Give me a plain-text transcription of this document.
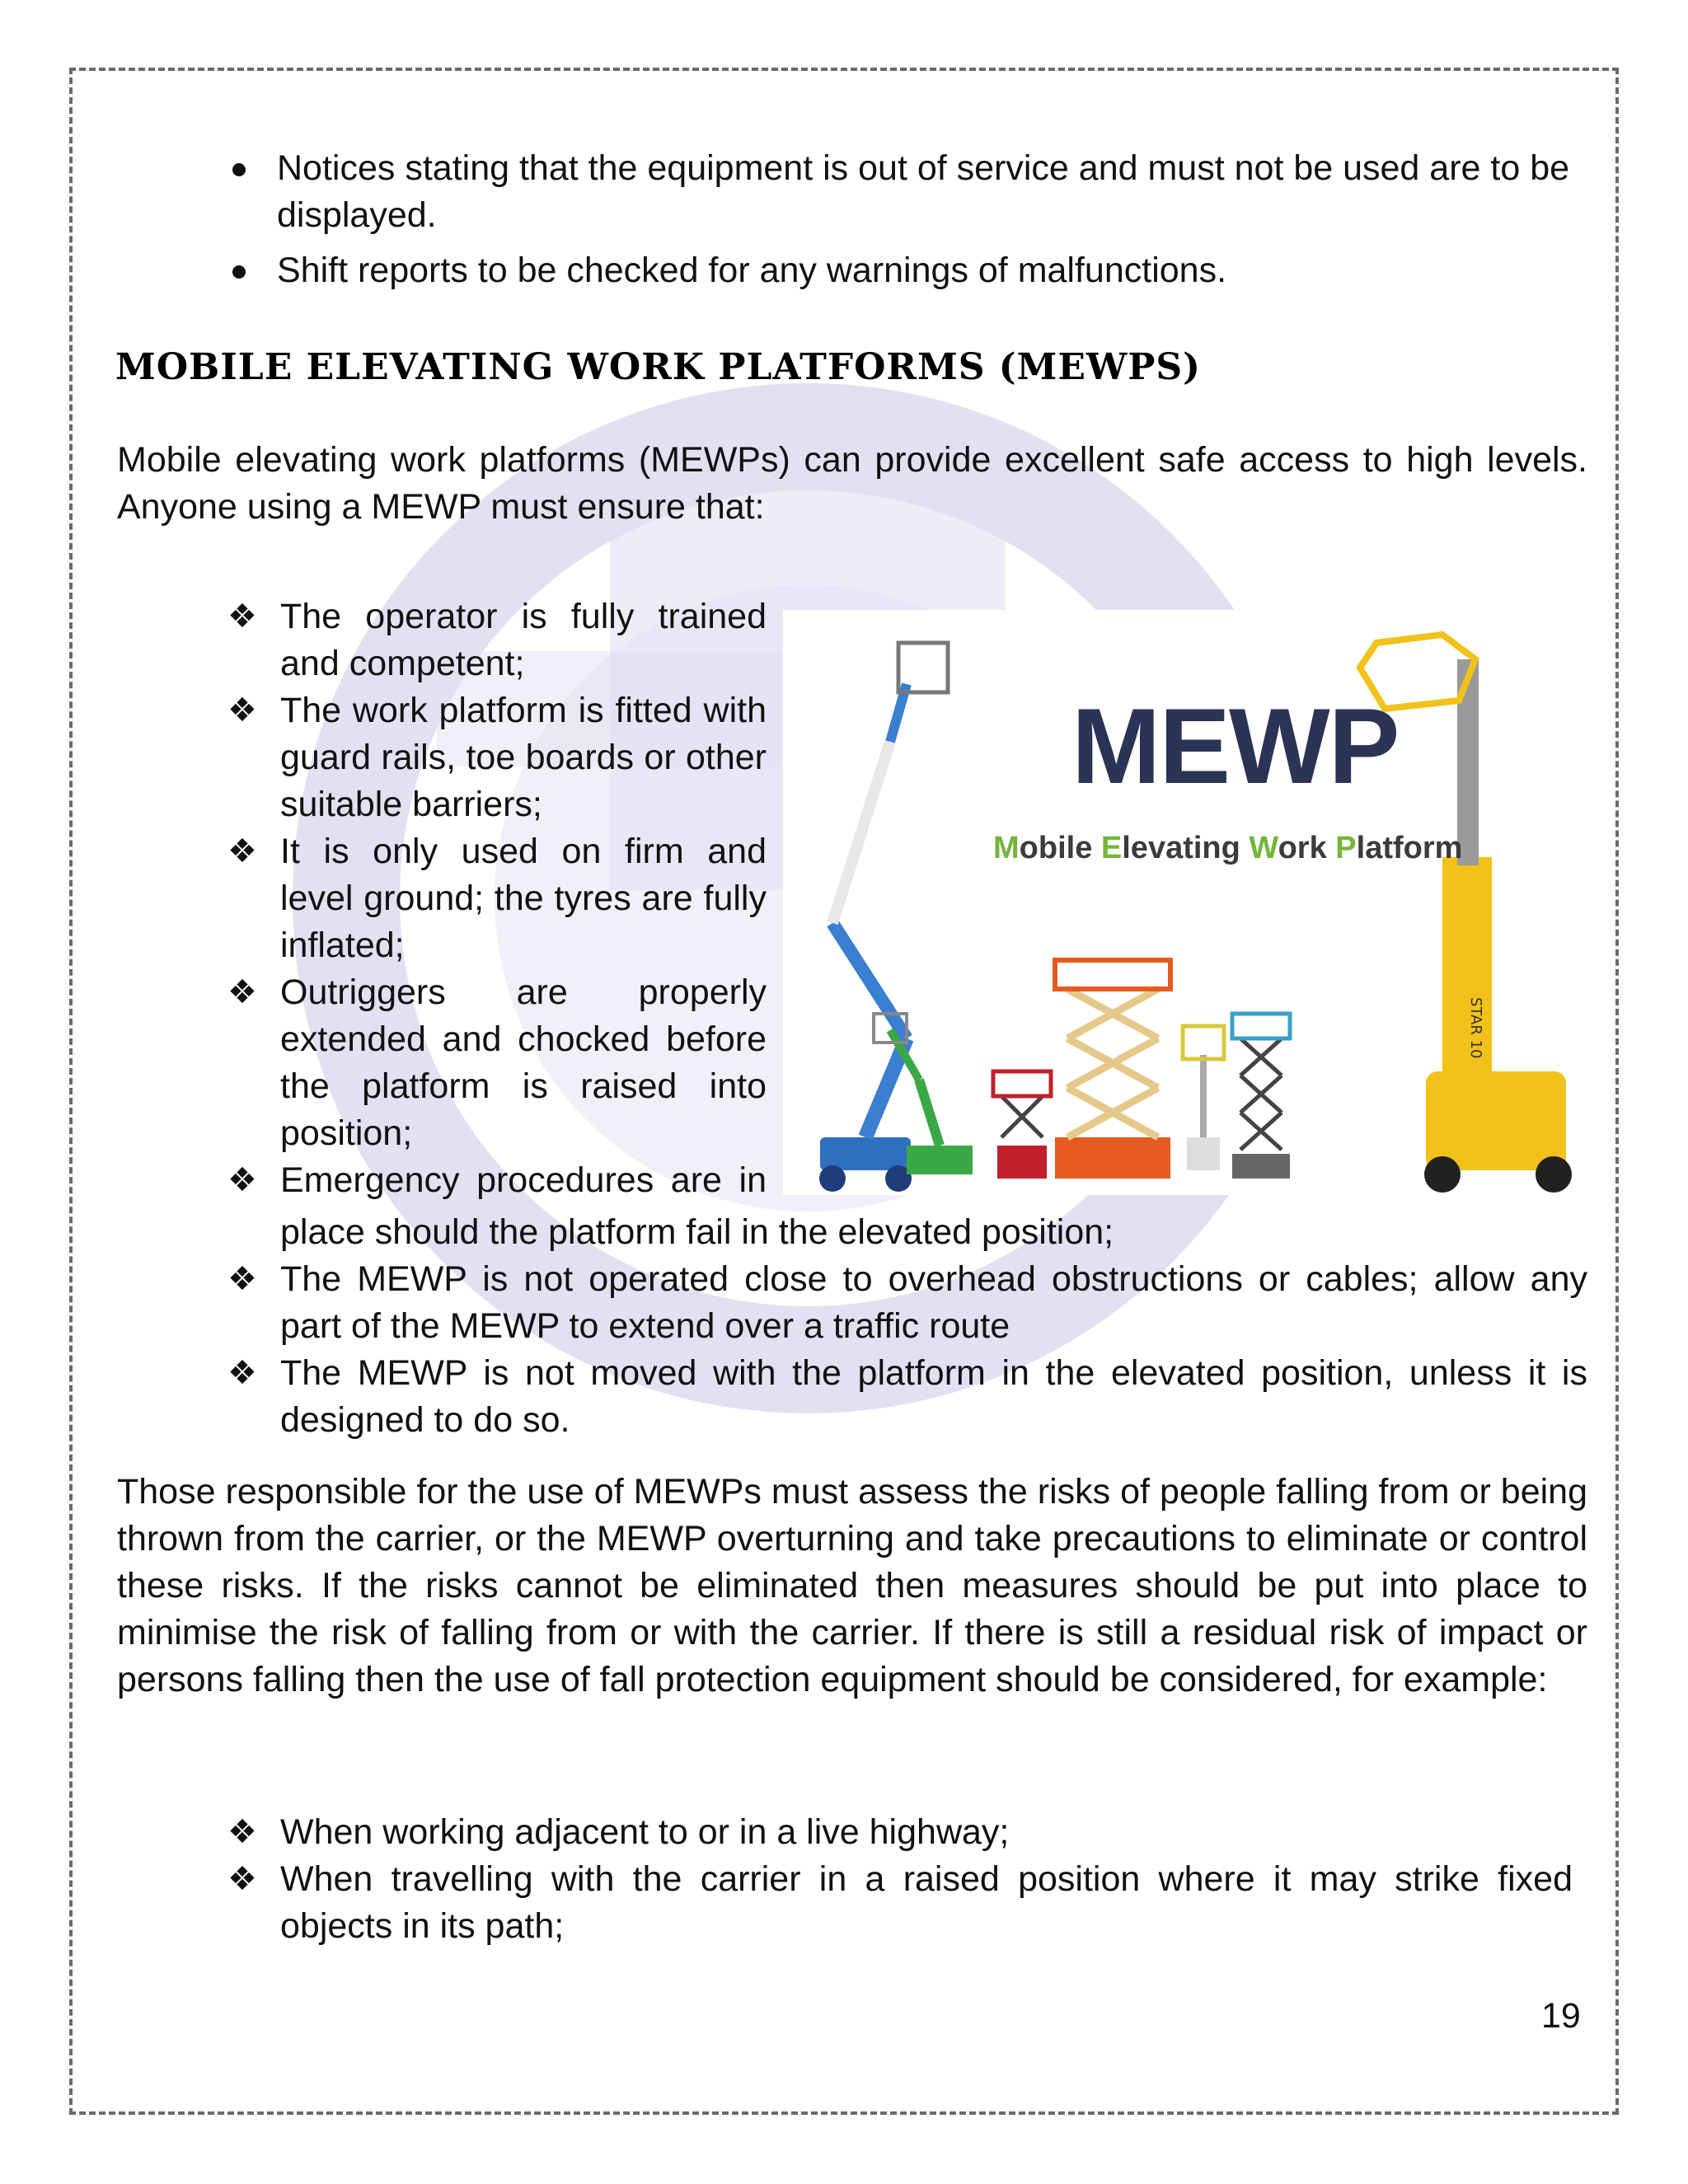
Notices stating that the equipment is out of service and must not be used are to be displayed.
Shift reports to be checked for any warnings of malfunctions.
MOBILE ELEVATING WORK PLATFORMS (MEWPS)

Mobile elevating work platforms (MEWPs) can provide excellent safe access to high levels. Anyone using a MEWP must ensure that:

❖ The operator is fully trained and competent;
❖ The work platform is fitted with guard rails, toe boards or other suitable barriers;
❖ It is only used on firm and level ground; the tyres are fully inflated;
❖ Outriggers are properly extended and chocked before the platform is raised into position;
❖ Emergency procedures are in
place should the platform fail in the elevated position;
❖ The MEWP is not operated close to overhead obstructions or cables; allow any part of the MEWP to extend over a traffic route
❖ The MEWP is not moved with the platform in the elevated position, unless it is designed to do so.

Those responsible for the use of MEWPs must assess the risks of people falling from or being thrown from the carrier, or the MEWP overturning and take precautions to eliminate or control these risks. If the risks cannot be eliminated then measures should be put into place to minimise the risk of falling from or with the carrier. If there is still a residual risk of impact or persons falling then the use of fall protection equipment should be considered, for example:

❖ When working adjacent to or in a live highway;
❖ When travelling with the carrier in a raised position where it may strike fixed objects in its path;
STAR 10
MEWP
Mobile Elevating Work Platform
19
